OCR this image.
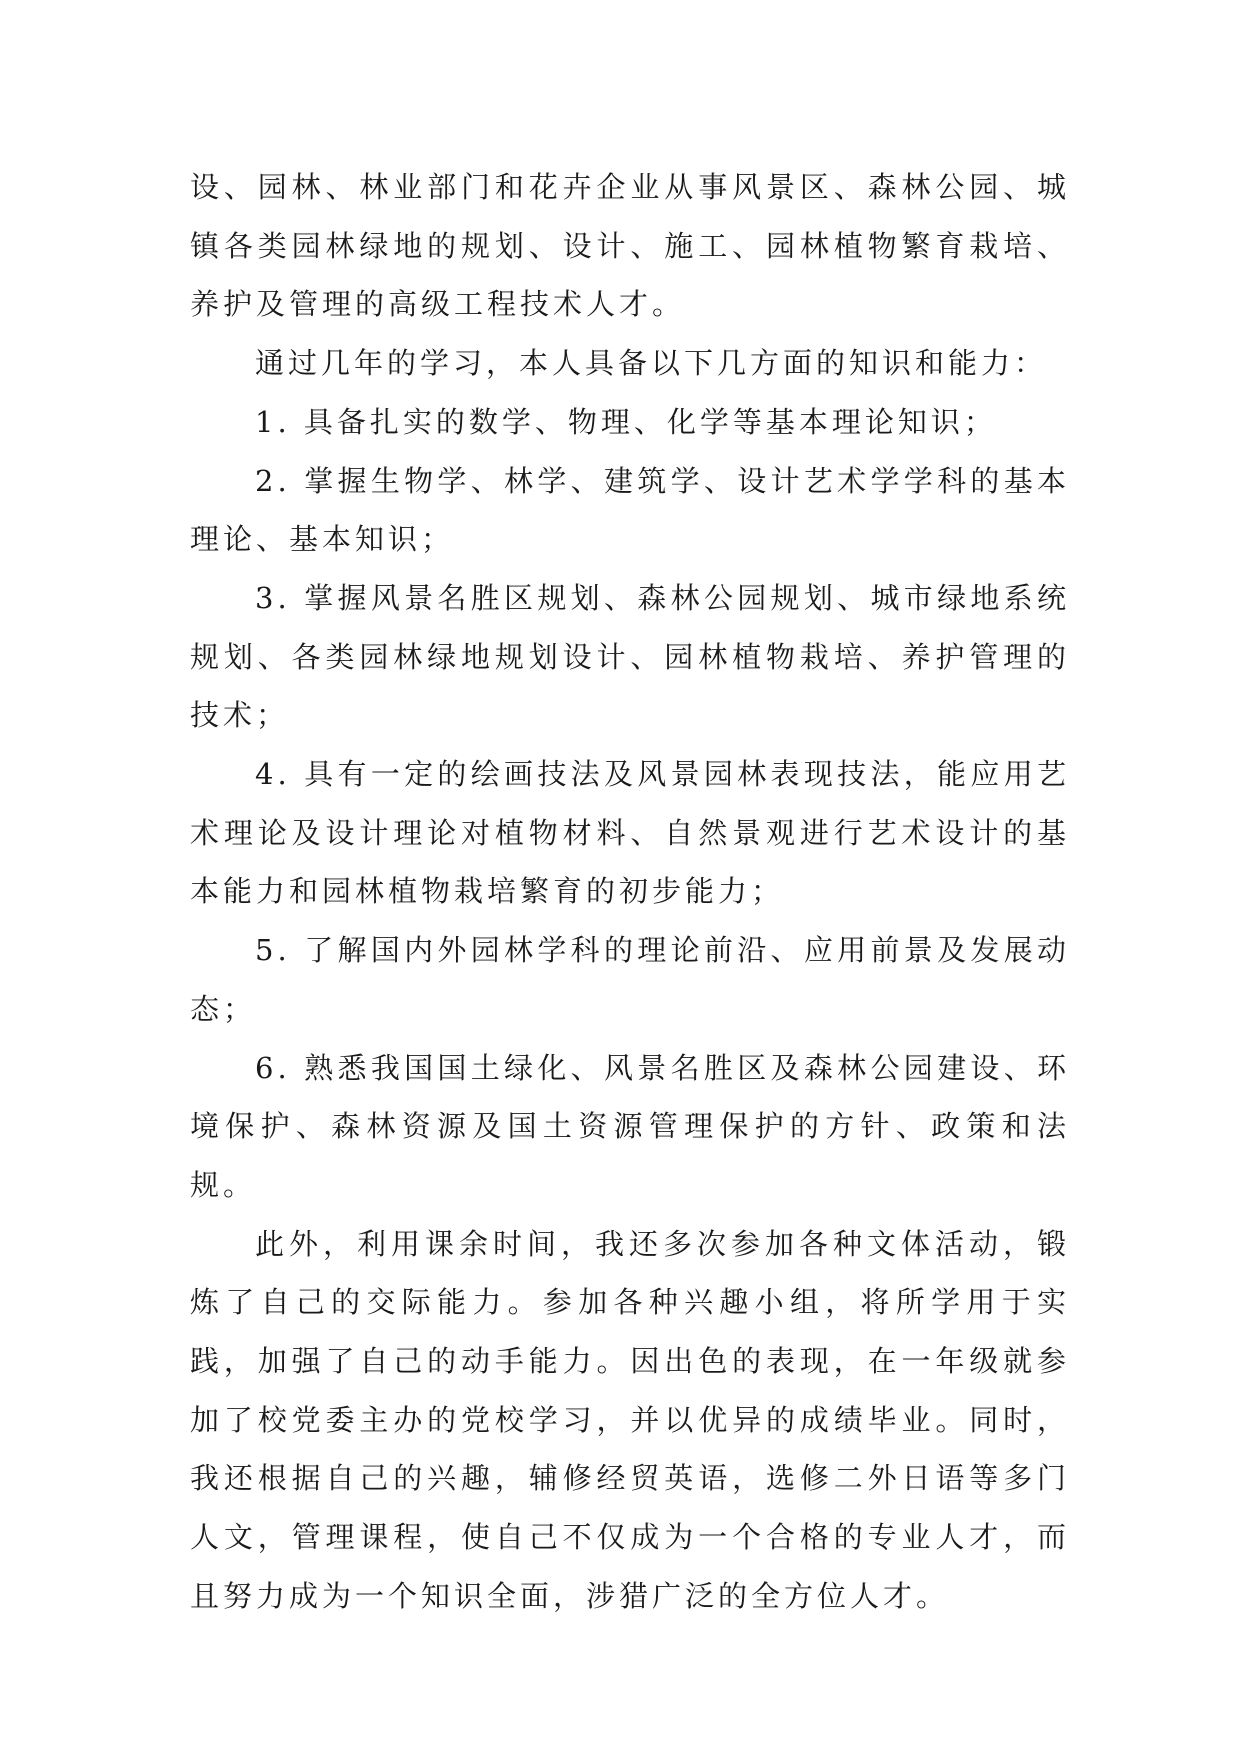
设、园林、林业部门和花卉企业从事风景区、森林公园、城镇各类园林绿地的规划、设计、施工、园林植物繁育栽培、养护及管理的高级工程技术人才。

通过几年的学习，本人具备以下几方面的知识和能力：

1. 具备扎实的数学、物理、化学等基本理论知识；

2. 掌握生物学、林学、建筑学、设计艺术学学科的基本理论、基本知识；

3. 掌握风景名胜区规划、森林公园规划、城市绿地系统规划、各类园林绿地规划设计、园林植物栽培、养护管理的技术；

4. 具有一定的绘画技法及风景园林表现技法，能应用艺术理论及设计理论对植物材料、自然景观进行艺术设计的基本能力和园林植物栽培繁育的初步能力；

5. 了解国内外园林学科的理论前沿、应用前景及发展动态；

6. 熟悉我国国土绿化、风景名胜区及森林公园建设、环境保护、森林资源及国土资源管理保护的方针、政策和法规。

此外，利用课余时间，我还多次参加各种文体活动，锻炼了自己的交际能力。参加各种兴趣小组，将所学用于实践，加强了自己的动手能力。因出色的表现，在一年级就参加了校党委主办的党校学习，并以优异的成绩毕业。同时，我还根据自己的兴趣，辅修经贸英语，选修二外日语等多门人文，管理课程，使自己不仅成为一个合格的专业人才，而且努力成为一个知识全面，涉猎广泛的全方位人才。
